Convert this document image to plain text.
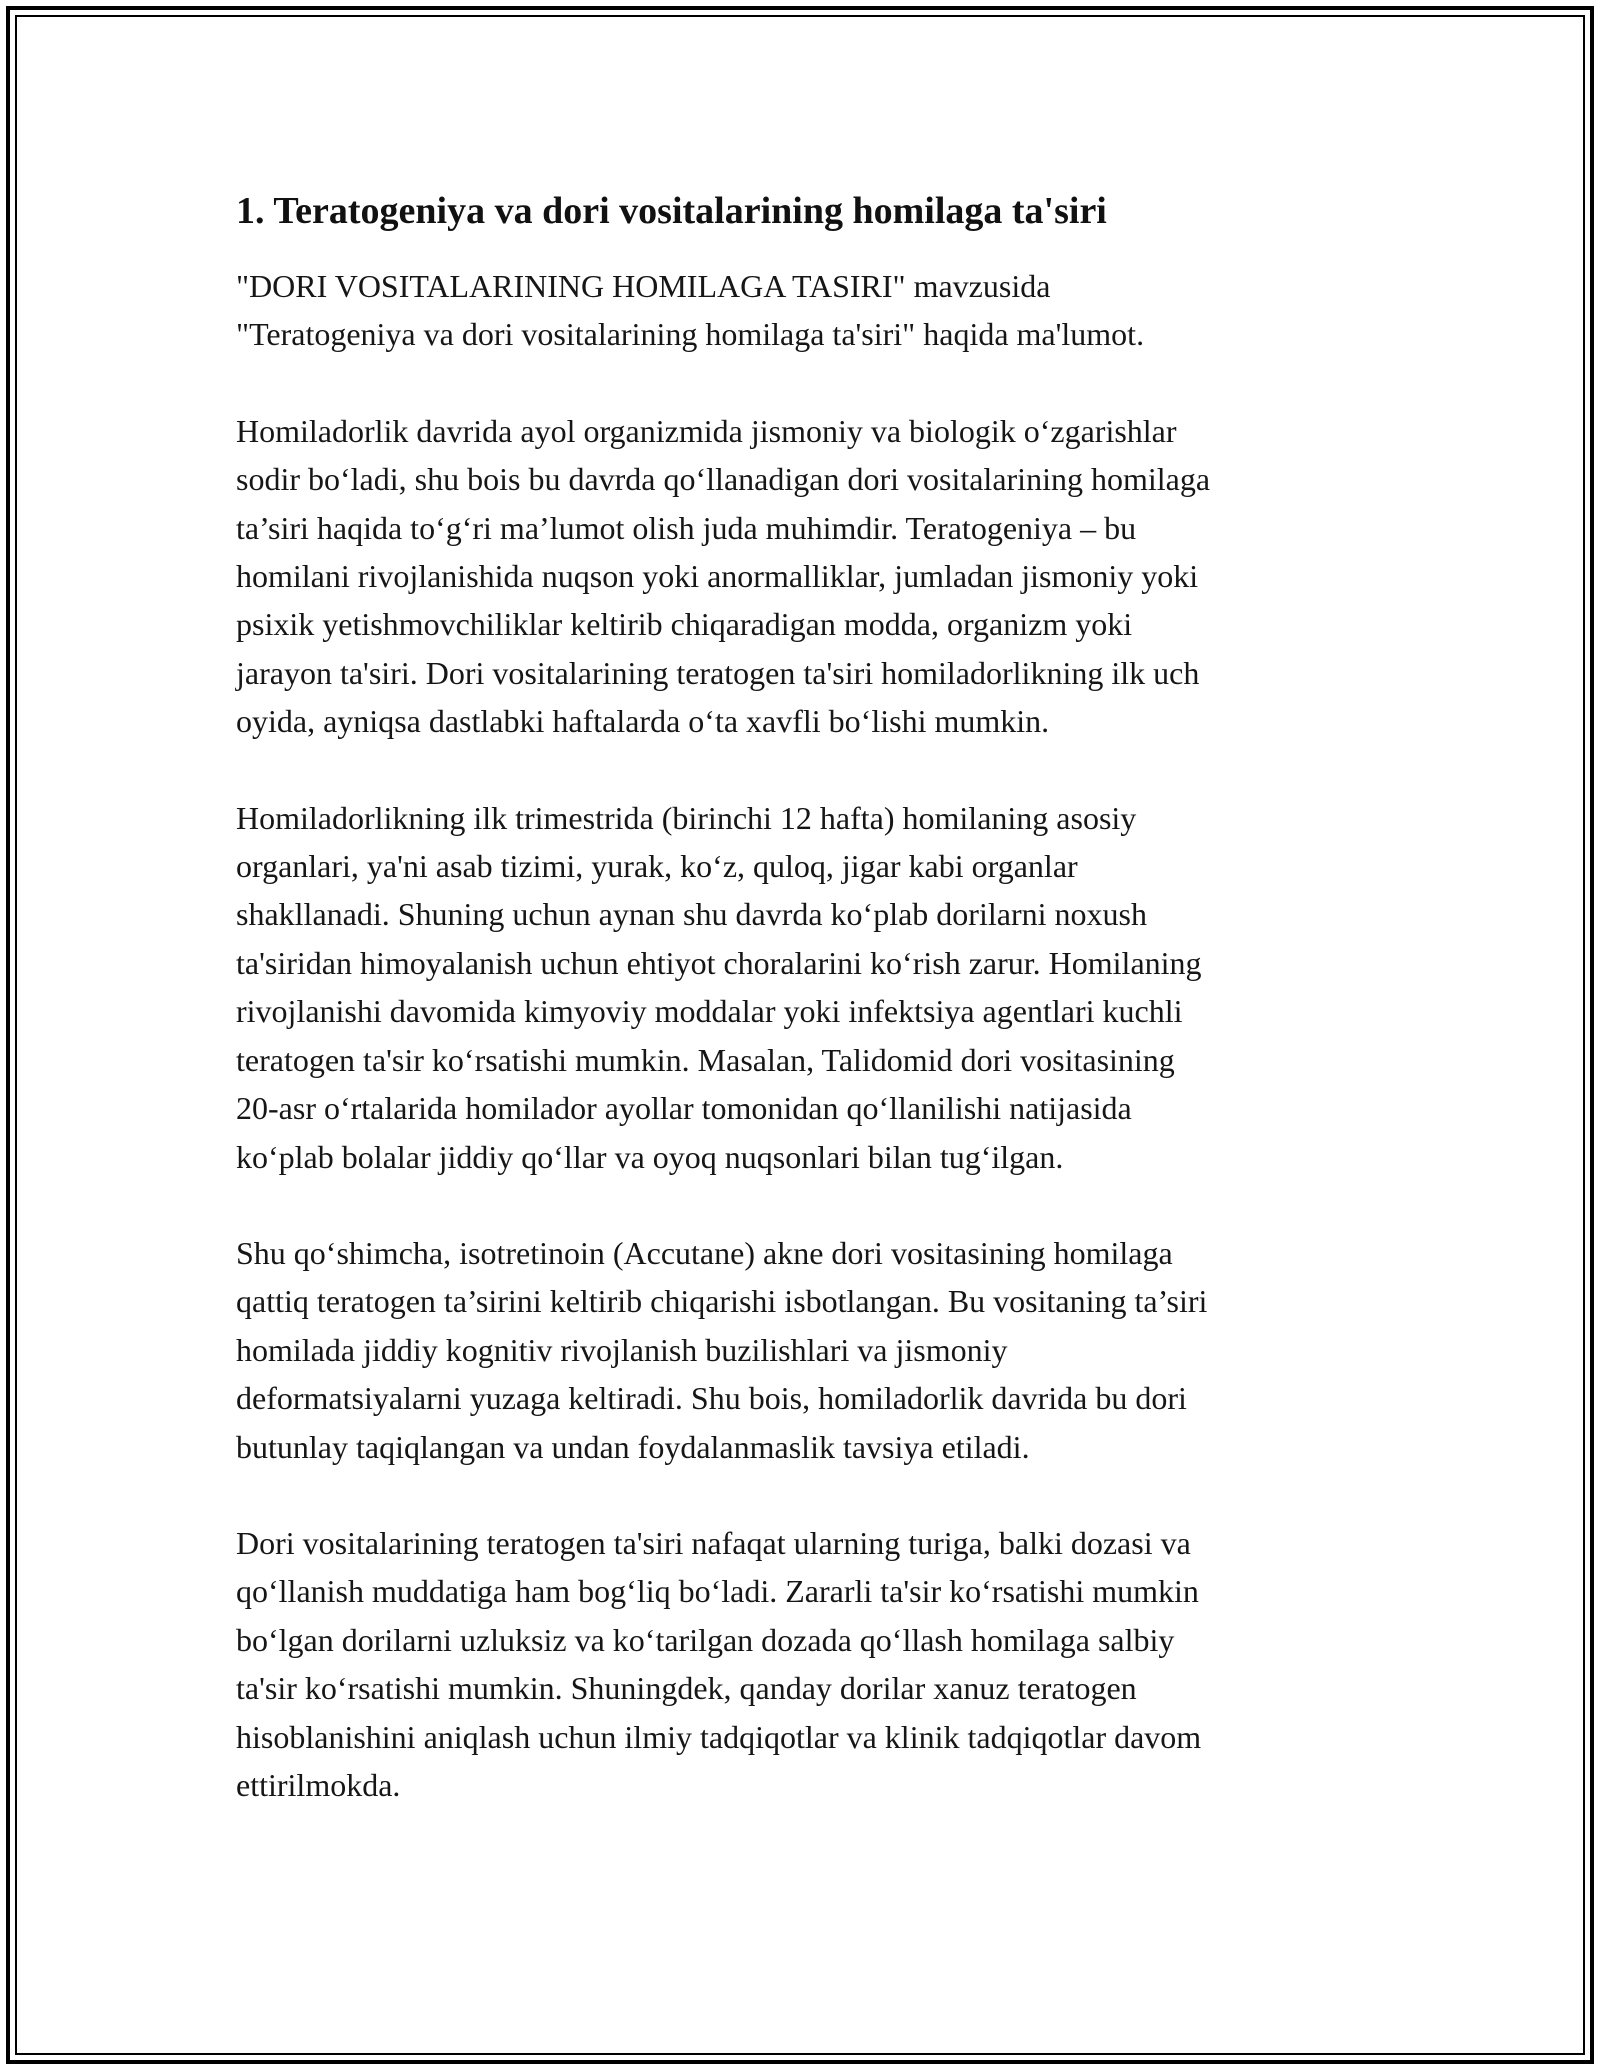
1. Teratogeniya va dori vositalarining homilaga ta'siri
"DORI VOSITALARINING HOMILAGA TASIRI" mavzusida
"Teratogeniya va dori vositalarining homilaga ta'siri" haqida ma'lumot.
Homiladorlik davrida ayol organizmida jismoniy va biologik o‘zgarishlar
sodir bo‘ladi, shu bois bu davrda qo‘llanadigan dori vositalarining homilaga
ta’siri haqida to‘g‘ri ma’lumot olish juda muhimdir. Teratogeniya – bu
homilani rivojlanishida nuqson yoki anormalliklar, jumladan jismoniy yoki
psixik yetishmovchiliklar keltirib chiqaradigan modda, organizm yoki
jarayon ta'siri. Dori vositalarining teratogen ta'siri homiladorlikning ilk uch
oyida, ayniqsa dastlabki haftalarda o‘ta xavfli bo‘lishi mumkin.
Homiladorlikning ilk trimestrida (birinchi 12 hafta) homilaning asosiy
organlari, ya'ni asab tizimi, yurak, ko‘z, quloq, jigar kabi organlar
shakllanadi. Shuning uchun aynan shu davrda ko‘plab dorilarni noxush
ta'siridan himoyalanish uchun ehtiyot choralarini ko‘rish zarur. Homilaning
rivojlanishi davomida kimyoviy moddalar yoki infektsiya agentlari kuchli
teratogen ta'sir ko‘rsatishi mumkin. Masalan, Talidomid dori vositasining
20-asr o‘rtalarida homilador ayollar tomonidan qo‘llanilishi natijasida
ko‘plab bolalar jiddiy qo‘llar va oyoq nuqsonlari bilan tug‘ilgan.
Shu qo‘shimcha, isotretinoin (Accutane) akne dori vositasining homilaga
qattiq teratogen ta’sirini keltirib chiqarishi isbotlangan. Bu vositaning ta’siri
homilada jiddiy kognitiv rivojlanish buzilishlari va jismoniy
deformatsiyalarni yuzaga keltiradi. Shu bois, homiladorlik davrida bu dori
butunlay taqiqlangan va undan foydalanmaslik tavsiya etiladi.
Dori vositalarining teratogen ta'siri nafaqat ularning turiga, balki dozasi va
qo‘llanish muddatiga ham bog‘liq bo‘ladi. Zararli ta'sir ko‘rsatishi mumkin
bo‘lgan dorilarni uzluksiz va ko‘tarilgan dozada qo‘llash homilaga salbiy
ta'sir ko‘rsatishi mumkin. Shuningdek, qanday dorilar xanuz teratogen
hisoblanishini aniqlash uchun ilmiy tadqiqotlar va klinik tadqiqotlar davom
ettirilmokda.
